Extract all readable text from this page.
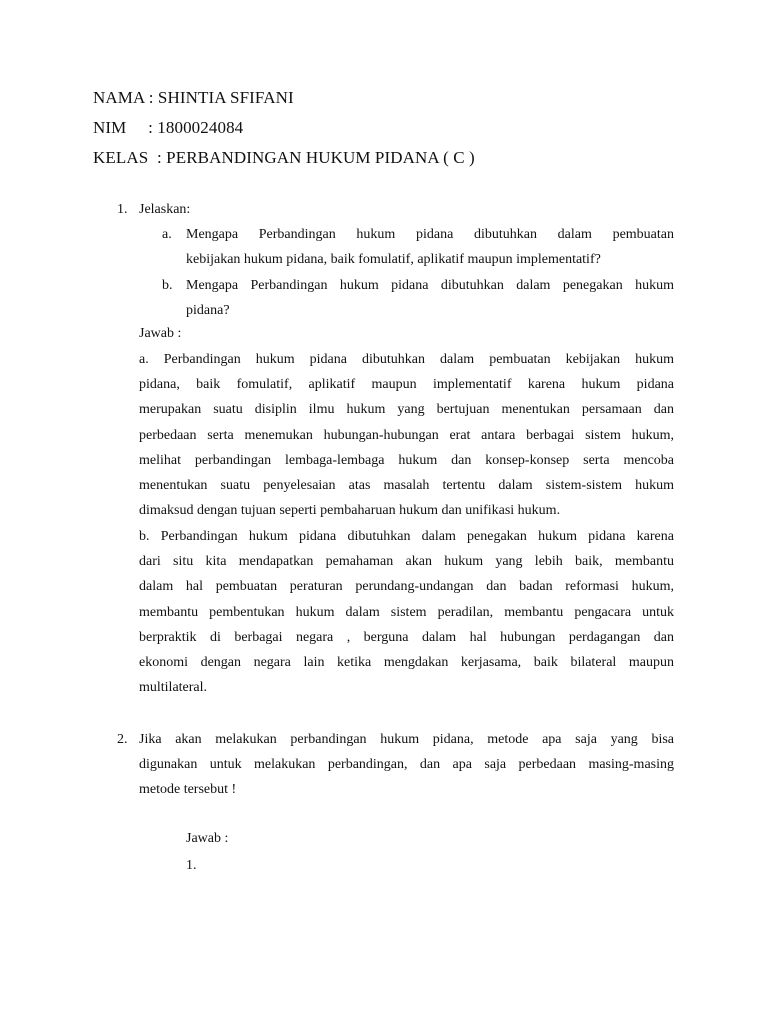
NAMA : SHINTIA SFIFANI
NIM     : 1800024084
KELAS  : PERBANDINGAN HUKUM PIDANA ( C )
1. Jelaskan:
a. Mengapa Perbandingan hukum pidana dibutuhkan dalam pembuatan
kebijakan hukum pidana, baik fomulatif, aplikatif maupun implementatif?
b. Mengapa Perbandingan hukum pidana dibutuhkan dalam penegakan hukum
pidana?
Jawab :
a. Perbandingan hukum pidana dibutuhkan dalam pembuatan kebijakan hukum
pidana, baik fomulatif, aplikatif maupun implementatif karena hukum pidana
merupakan suatu disiplin ilmu hukum yang bertujuan menentukan persamaan dan
perbedaan serta menemukan hubungan-hubungan erat antara berbagai sistem hukum,
melihat perbandingan lembaga-lembaga hukum dan konsep-konsep serta mencoba
menentukan suatu penyelesaian atas masalah tertentu dalam sistem-sistem hukum
dimaksud dengan tujuan seperti pembaharuan hukum dan unifikasi hukum.
b. Perbandingan hukum pidana dibutuhkan dalam penegakan hukum pidana karena
dari situ kita mendapatkan pemahaman akan hukum yang lebih baik, membantu
dalam hal pembuatan peraturan perundang-undangan dan badan reformasi hukum,
membantu pembentukan hukum dalam sistem peradilan, membantu pengacara untuk
berpraktik di berbagai negara , berguna dalam hal hubungan perdagangan dan
ekonomi dengan negara lain ketika mengdakan kerjasama, baik bilateral maupun
multilateral.
2. Jika akan melakukan perbandingan hukum pidana, metode apa saja yang bisa
digunakan untuk melakukan perbandingan, dan apa saja perbedaan masing-masing
metode tersebut !
Jawab :
1.
